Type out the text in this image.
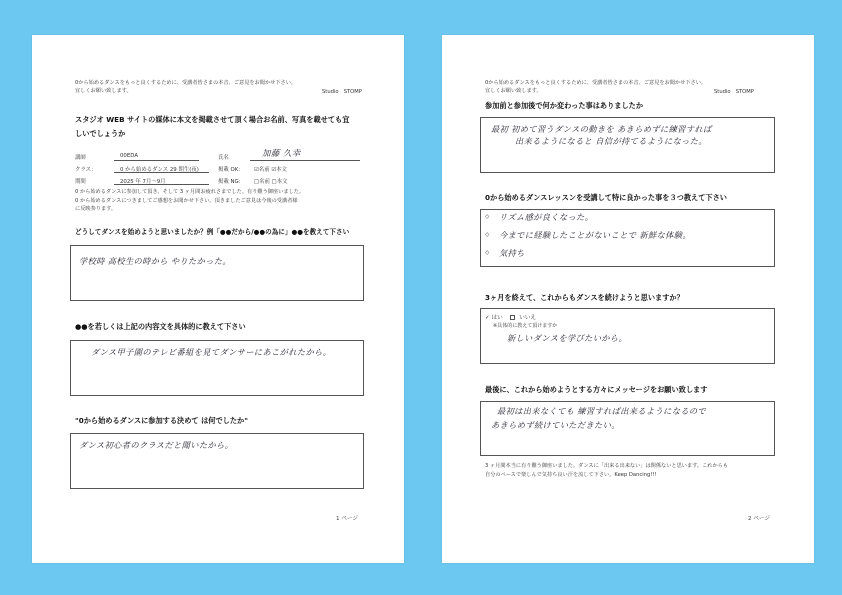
0から始めるダンスをもっと良くするために、受講者皆さまの本音、ご意見をお聞かせ下さい。
宜しくお願い致します。	Studio　STOMP
スタジオ WEB サイトの媒体に本文を掲載させて頂く場合お名前、写真を載せても宜
しいでしょうか
講師	00EDA	氏名	加藤 久幸
クラス：	0 から始めるダンス 29 期生(夜)	掲載 OK:	☑名前 ☑本文
期間	2025 年 7月～9月	掲載 NG: □名前 □本文
0 から始めるダンスに参加して頂き、そして 3 ヶ月間お疲れさまでした。有り難う御座いました。
0 から始めるダンスにつきましてご感想をお聞かせ下さい。頂きましたご意見は今後の受講者様
に反映参ります。
どうしてダンスを始めようと思いましたか？例「●●だから/●●の為に」●●を教えて下さい
学校時 高校生の時から やりたかった。
●●を若しくは上記の内容文を具体的に教えて下さい
ダンス甲子園のテレビ番組を見てダンサーにあこがれたから。
"0から始めるダンスに参加する決めて は何でしたか"
ダンス初心者のクラスだと聞いたから。
1 ページ
0から始めるダンスをもっと良くするために、受講者皆さまの本音、ご意見をお聞かせ下さい。
宜しくお願い致します。	Studio　STOMP
参加前と参加後で何か変わった事はありましたか
最初 初めて習うダンスの動きを あきらめずに練習すれば
出来るようになると 自信が持てるようになった。
0から始めるダンスレッスンを受講して特に良かった事を３つ教えて下さい
◇ リズム感が良くなった。
◇ 今までに経験したことがないことで 新鮮な体験。
◇ 気持ち
3ヶ月を終えて、これからもダンスを続けようと思いますか？
✓ はい	いいえ
※具体的に教えて頂けますか
新しいダンスを学びたいから。
最後に、これから始めようとする方々にメッセージをお願い致します
最初は出来なくても 練習すれば出来るようになるので
あきらめず続けていただきたい。
3 ヶ月間本当に有り難う御座いました。ダンスに「出来る出来ない」は関係ないと思います。これからも
自分のペースで楽しんで気持ち良い汗を流して下さい。Keep Dancing!!!
2 ページ
